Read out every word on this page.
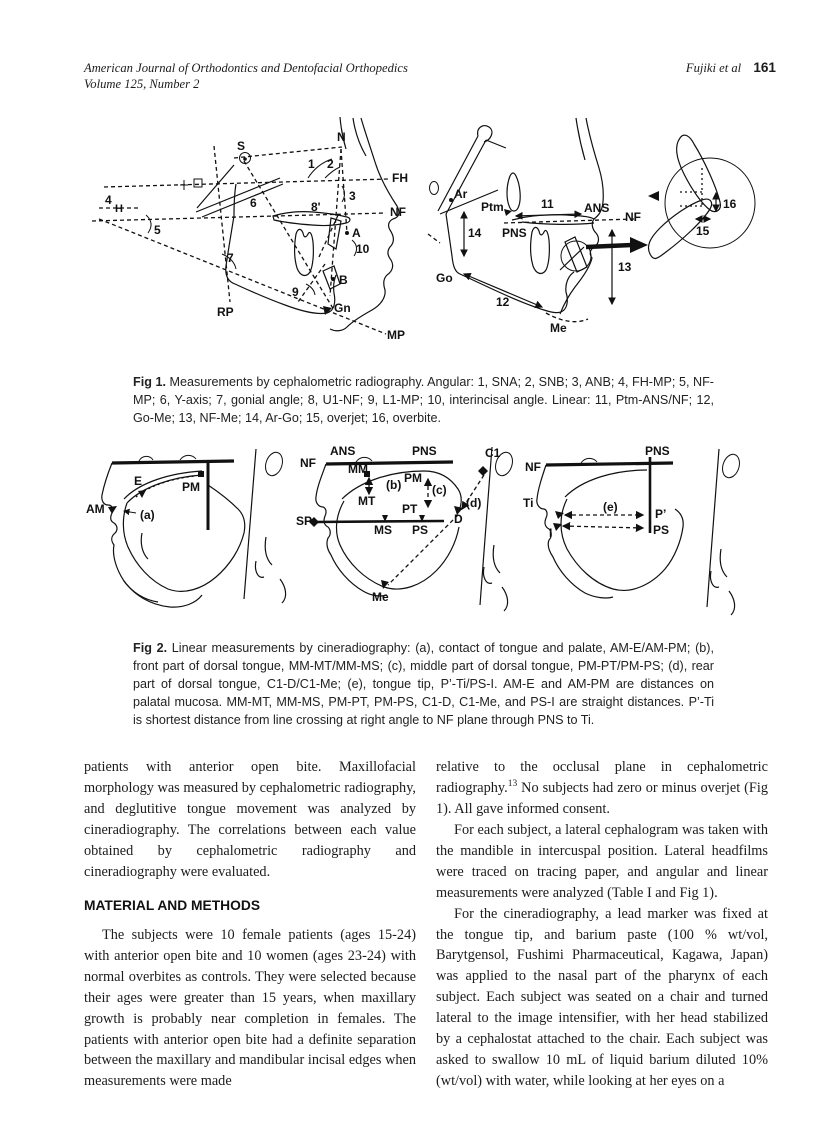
American Journal of Orthodontics and Dentofacial Orthopedics
Volume 125, Number 2
Fujiki et al 161
S
N
FH
NF
A
B
Gn
RP
MP
H
1 2
3
4
5
6
7
8'
9
10
Ar
Ptm	ANS
NF
PNS
Go
Me
11
12
13
14	15
16
Fig 1. Measurements by cephalometric radiography. Angular: 1, SNA; 2, SNB; 3, ANB; 4, FH-MP; 5, NF-MP; 6, Y-axis; 7, gonial angle; 8, U1-NF; 9, L1-MP; 10, interincisal angle. Linear: 11, Ptm-ANS/NF; 12, Go-Me; 13, NF-Me; 14, Ar-Go; 15, overjet; 16, overbite.
E	PM
AM	(a)
NF
ANS	PNS	C1
MM
PM
(b)	(c)
MT
PT	(d)
SP
MS PS
D
Me
NF
PNS
Ti
I
(e)	P’
PS
Fig 2. Linear measurements by cineradiography: (a), contact of tongue and palate, AM-E/AM-PM; (b), front part of dorsal tongue, MM-MT/MM-MS; (c), middle part of dorsal tongue, PM-PT/PM-PS; (d), rear part of dorsal tongue, C1-D/C1-Me; (e), tongue tip, P’-Ti/PS-I. AM-E and AM-PM are distances on palatal mucosa. MM-MT, MM-MS, PM-PT, PM-PS, C1-D, C1-Me, and PS-I are straight distances. P’-Ti is shortest distance from line crossing at right angle to NF plane through PNS to Ti.

patients with anterior open bite. Maxillofacial morphology was measured by cephalometric radiography, and deglutitive tongue movement was analyzed by cineradiography. The correlations between each value obtained by cephalometric radiography and cineradiography were evaluated.

MATERIAL AND METHODS

The subjects were 10 female patients (ages 15-24) with anterior open bite and 10 women (ages 23-24) with normal overbites as controls. They were selected because their ages were greater than 15 years, when maxillary growth is probably near completion in females. The patients with anterior open bite had a definite separation between the maxillary and mandibular incisal edges when measurements were made

relative to the occlusal plane in cephalometric radiography.$^{13}$ No subjects had zero or minus overjet (Fig 1). All gave informed consent.

For each subject, a lateral cephalogram was taken with the mandible in intercuspal position. Lateral headfilms were traced on tracing paper, and angular and linear measurements were analyzed (Table I and Fig 1).

For the cineradiography, a lead marker was fixed at the tongue tip, and barium paste (100 % wt/vol, Barytgensol, Fushimi Pharmaceutical, Kagawa, Japan) was applied to the nasal part of the pharynx of each subject. Each subject was seated on a chair and turned lateral to the image intensifier, with her head stabilized by a cephalostat attached to the chair. Each subject was asked to swallow 10 mL of liquid barium diluted 10% (wt/vol) with water, while looking at her eyes on a
